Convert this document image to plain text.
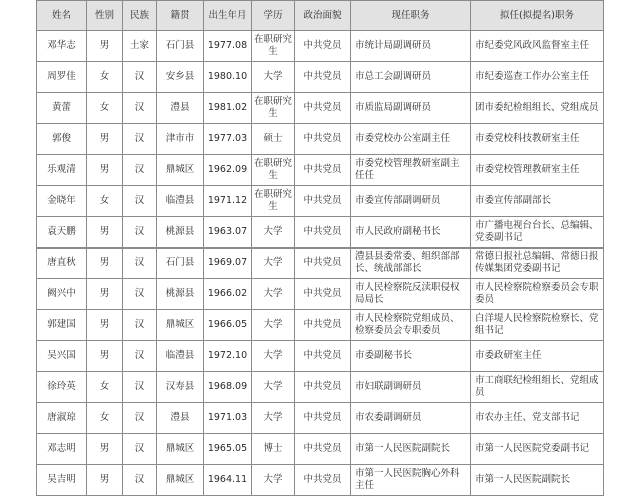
姓名	性别	民族	籍贯	出生年月	学历	政治面貌	现任职务	拟任(拟提名)职务
邓华志	男	土家	石门县	1977.08	在职研究生	中共党员	市统计局副调研员	市纪委党风政风监督室主任
周罗佳	女	汉	安乡县	1980.10	大学	中共党员	市总工会副调研员	市纪委巡查工作办公室主任
黄蕾	女	汉	澧县	1981.02	在职研究生	中共党员	市质监局副调研员	团市委纪检组组长、党组成员
郭俊	男	汉	津市市	1977.03	硕士	中共党员	市委党校办公室副主任	市委党校科技教研室主任
乐观清	男	汉	鼎城区	1962.09	在职研究生	中共党员	市委党校管理教研室副主任任	市委党校管理教研室主任
金晓年	女	汉	临澧县	1971.12	在职研究生	中共党员	市委宣传部副调研员	市委宣传部副部长
袁天鹏	男	汉	桃源县	1963.07	大学	中共党员	市人民政府副秘书长	市广播电视台台长、总编辑、党委副书记
唐直秋	男	汉	石门县	1969.07	大学	中共党员	澧县县委常委、组织部部长、统战部部长	常德日报社总编辑、常德日报传媒集团党委副书记
阙兴中	男	汉	桃源县	1966.02	大学	中共党员	市人民检察院反渎职侵权局局长	市人民检察院检察委员会专职委员
郭建国	男	汉	鼎城区	1966.05	大学	中共党员	市人民检察院党组成员、检察委员会专职委员	白洋堤人民检察院检察长、党组书记
吴兴国	男	汉	临澧县	1972.10	大学	中共党员	市委副秘书长	市委政研室主任
徐玲英	女	汉	汉寿县	1968.09	大学	中共党员	市妇联副调研员	市工商联纪检组组长、党组成员
唐淑琼	女	汉	澧县	1971.03	大学	中共党员	市农委副调研员	市农办主任、党支部书记
邓志明	男	汉	鼎城区	1965.05	博士	中共党员	市第一人民医院副院长	市第一人民医院党委副书记
吴吉明	男	汉	鼎城区	1964.11	大学	中共党员	市第一人民医院胸心外科主任	市第一人民医院副院长
